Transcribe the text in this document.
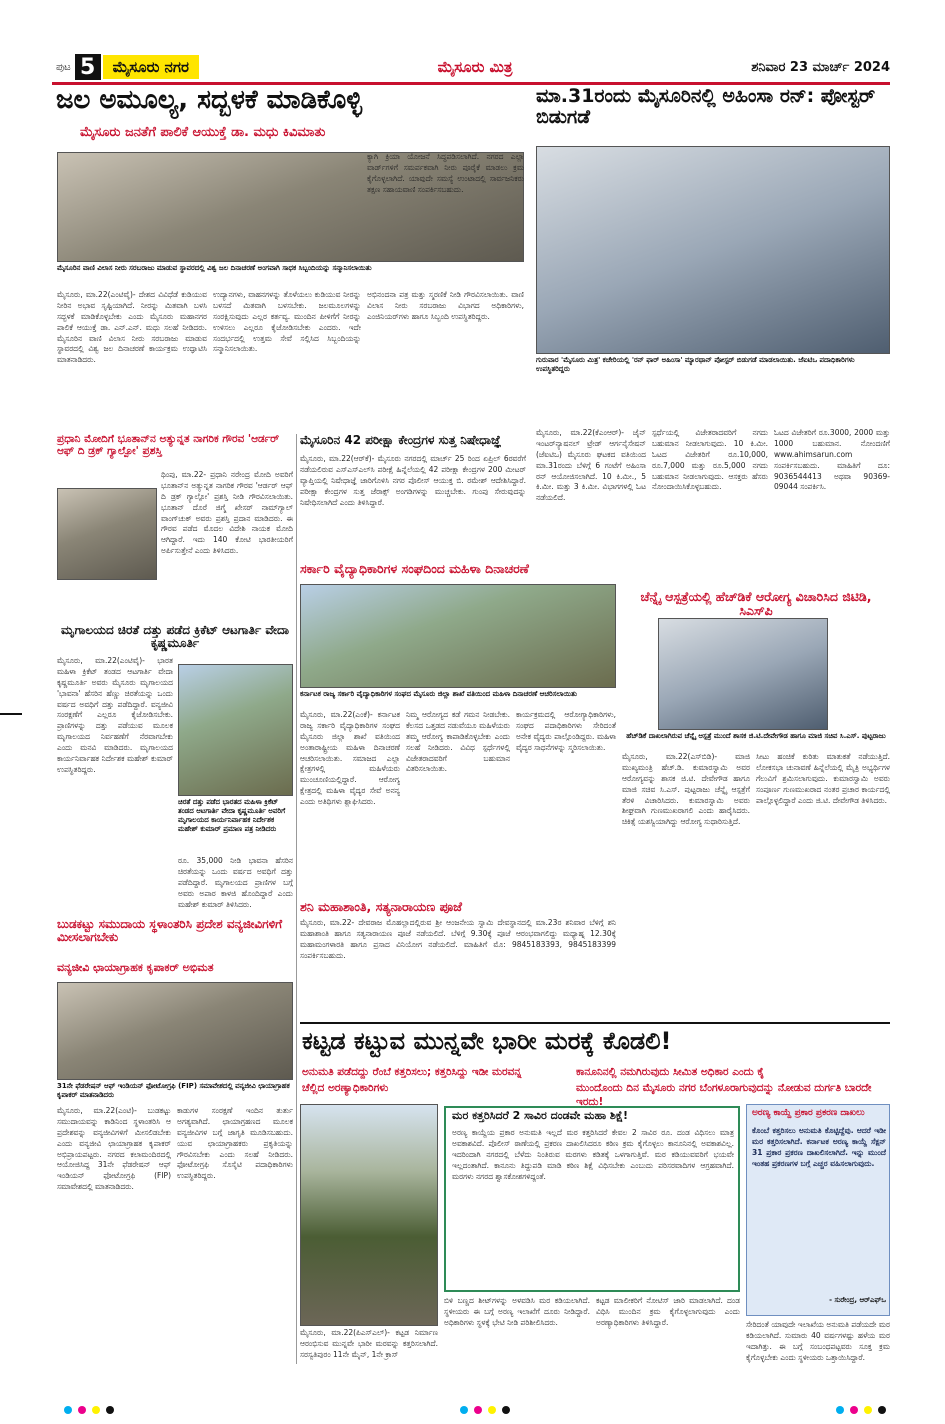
ಪುಟ 5	ಮೈಸೂರು ನಗರ	ಮೈಸೂರು ಮಿತ್ರ	ಶನಿವಾರ 23 ಮಾರ್ಚ್ 2024
ಜಲ ಅಮೂಲ್ಯ, ಸದ್ಬಳಕೆ ಮಾಡಿಕೊಳ್ಳಿ
ಮೈಸೂರು ಜನತೆಗೆ ಪಾಲಿಕೆ ಆಯುಕ್ತೆ ಡಾ. ಮಧು ಕಿವಿಮಾತು
ಮೈಸೂರಿನ ವಾಣಿ ವಿಲಾಸ ನೀರು ಸರಬರಾಜು ಮಾಡುವ ಸ್ಥಾವರದಲ್ಲಿ ವಿಶ್ವ ಜಲ ದಿನಾಚರಣೆ ಅಂಗವಾಗಿ ಸಾಧಕ ಸಿಬ್ಬಂದಿಯನ್ನು ಸನ್ಮಾನಿಸಲಾಯಿತು
ಮೈಸೂರು, ಮಾ.22(ಎಂಟಿವೈ)- ದೇಶದ ವಿವಿಧೆಡೆ ಕುಡಿಯುವ ನೀರಿನ ಅಭಾವ ಸೃಷ್ಟಿಯಾಗಿದೆ. ನೀರನ್ನು ಮಿತವಾಗಿ ಬಳಸಿ ಸದ್ಬಳಕೆ ಮಾಡಿಕೊಳ್ಳಬೇಕು ಎಂದು ಮೈಸೂರು ಮಹಾನಗರ ಪಾಲಿಕೆ ಆಯುಕ್ತೆ ಡಾ. ಎನ್.ಎನ್. ಮಧು ಸಲಹೆ ನೀಡಿದರು. ಮೈಸೂರಿನ ವಾಣಿ ವಿಲಾಸ ನೀರು ಸರಬರಾಜು ಮಾಡುವ ಸ್ಥಾವರದಲ್ಲಿ ವಿಶ್ವ ಜಲ ದಿನಾಚರಣೆ ಕಾರ್ಯಕ್ರಮ ಉದ್ಘಾಟಿಸಿ ಮಾತನಾಡಿದರು.
ಉದ್ಯಾನಗಳು, ವಾಹನಗಳನ್ನು ತೊಳೆಯಲು ಕುಡಿಯುವ ನೀರನ್ನು ಬಳಸದೆ ಮಿತವಾಗಿ ಬಳಸಬೇಕು. ಜಲಮೂಲಗಳನ್ನು ಸಂರಕ್ಷಿಸುವುದು ಎಲ್ಲರ ಕರ್ತವ್ಯ. ಮುಂದಿನ ಪೀಳಿಗೆಗೆ ನೀರನ್ನು ಉಳಿಸಲು ಎಲ್ಲರೂ ಕೈಜೋಡಿಸಬೇಕು ಎಂದರು. ಇದೇ ಸಂದರ್ಭದಲ್ಲಿ ಉತ್ತಮ ಸೇವೆ ಸಲ್ಲಿಸಿದ ಸಿಬ್ಬಂದಿಯನ್ನು ಸನ್ಮಾನಿಸಲಾಯಿತು.
ಕ್ಯಾಗಿ ಕ್ರಿಯಾ ಯೋಜನೆ ಸಿದ್ಧಪಡಿಸಲಾಗಿದೆ. ನಗರದ ಎಲ್ಲಾ ವಾರ್ಡ್‌ಗಳಿಗೆ ಸಮರ್ಪಕವಾಗಿ ನೀರು ಪೂರೈಕೆ ಮಾಡಲು ಕ್ರಮ ಕೈಗೊಳ್ಳಲಾಗಿದೆ. ಯಾವುದೇ ಸಮಸ್ಯೆ ಉಂಟಾದಲ್ಲಿ ಸಾರ್ವಜನಿಕರು ತಕ್ಷಣ ಸಹಾಯವಾಣಿ ಸಂಪರ್ಕಿಸಬಹುದು.
ಅಭಿನಂದನಾ ಪತ್ರ ಮತ್ತು ಸ್ಮರಣಿಕೆ ನೀಡಿ ಗೌರವಿಸಲಾಯಿತು. ವಾಣಿ ವಿಲಾಸ ನೀರು ಸರಬರಾಜು ವಿಭಾಗದ ಅಧಿಕಾರಿಗಳು, ಎಂಜಿನಿಯರ್‌ಗಳು ಹಾಗೂ ಸಿಬ್ಬಂದಿ ಉಪಸ್ಥಿತರಿದ್ದರು.
ಮಾ.31ರಂದು ಮೈಸೂರಿನಲ್ಲಿ ಅಹಿಂಸಾ ರನ್: ಪೋಸ್ಟರ್ ಬಿಡುಗಡೆ
ಗುರುವಾರ 'ಮೈಸೂರು ಮಿತ್ರ' ಕಚೇರಿಯಲ್ಲಿ 'ರನ್ ಫಾರ್ ಅಹಿಂಸಾ' ಮ್ಯಾರಥಾನ್ ಪೋಸ್ಟರ್ ಬಿಡುಗಡೆ ಮಾಡಲಾಯಿತು. ಜೆಐಟಿಒ ಪದಾಧಿಕಾರಿಗಳು ಉಪಸ್ಥಿತರಿದ್ದರು
ಮೈಸೂರು, ಮಾ.22(ಕೆಎಂಆರ್)- ಜೈನ್ ಇಂಟರ್‌ನ್ಯಾಷನಲ್ ಟ್ರೇಡ್ ಆರ್ಗನೈಸೇಷನ್ (ಜೆಐಟಿಒ) ಮೈಸೂರು ಘಟಕದ ವತಿಯಿಂದ ಮಾ.31ರಂದು ಬೆಳಿಗ್ಗೆ 6 ಗಂಟೆಗೆ ಅಹಿಂಸಾ ರನ್ ಆಯೋಜಿಸಲಾಗಿದೆ. 10 ಕಿ.ಮೀ., 5 ಕಿ.ಮೀ. ಮತ್ತು 3 ಕಿ.ಮೀ. ವಿಭಾಗಗಳಲ್ಲಿ ಓಟ ನಡೆಯಲಿದೆ.
ಸ್ಪರ್ಧೆಯಲ್ಲಿ ವಿಜೇತರಾದವರಿಗೆ ನಗದು ಬಹುಮಾನ ನೀಡಲಾಗುವುದು. 10 ಕಿ.ಮೀ. ಓಟದ ವಿಜೇತರಿಗೆ ರೂ.10,000, ರೂ.7,000 ಮತ್ತು ರೂ.5,000 ನಗದು ಬಹುಮಾನ ನೀಡಲಾಗುವುದು. ಆಸಕ್ತರು ಹೆಸರು ನೋಂದಾಯಿಸಿಕೊಳ್ಳಬಹುದು.
ಓಟದ ವಿಜೇತರಿಗೆ ರೂ.3000, 2000 ಮತ್ತು 1000 ಬಹುಮಾನ. ನೋಂದಣಿಗೆ www.ahimsarun.com ಸಂಪರ್ಕಿಸಬಹುದು. ಮಾಹಿತಿಗೆ ದೂ: 9036544413 ಅಥವಾ 90369-09044 ಸಂಪರ್ಕಿಸಿ.
ಪ್ರಧಾನಿ ಮೋದಿಗೆ ಭೂತಾನ್‌ನ ಅತ್ಯುನ್ನತ ನಾಗರಿಕ ಗೌರವ 'ಆರ್ಡರ್ ಆಫ್ ದಿ ಡ್ರಕ್ ಗ್ಯಾಲ್ಪೋ' ಪ್ರಶಸ್ತಿ
ಥಿಂಪು, ಮಾ.22- ಪ್ರಧಾನಿ ನರೇಂದ್ರ ಮೋದಿ ಅವರಿಗೆ ಭೂತಾನ್‌ನ ಅತ್ಯುನ್ನತ ನಾಗರಿಕ ಗೌರವ 'ಆರ್ಡರ್ ಆಫ್ ದಿ ಡ್ರಕ್ ಗ್ಯಾಲ್ಪೋ' ಪ್ರಶಸ್ತಿ ನೀಡಿ ಗೌರವಿಸಲಾಯಿತು. ಭೂತಾನ್ ದೊರೆ ಜಿಗ್ಮೆ ಖೇಸರ್ ನಾಮ್‌ಗ್ಯಾಲ್ ವಾಂಗ್‌ಚುಕ್ ಅವರು ಪ್ರಶಸ್ತಿ ಪ್ರದಾನ ಮಾಡಿದರು. ಈ ಗೌರವ ಪಡೆದ ಮೊದಲ ವಿದೇಶಿ ನಾಯಕ ಮೋದಿ ಆಗಿದ್ದಾರೆ. ಇದು 140 ಕೋಟಿ ಭಾರತೀಯರಿಗೆ ಅರ್ಪಿಸುತ್ತೇನೆ ಎಂದು ತಿಳಿಸಿದರು.
ಮೈಸೂರಿನ 42 ಪರೀಕ್ಷಾ ಕೇಂದ್ರಗಳ ಸುತ್ತ ನಿಷೇಧಾಜ್ಞೆ
ಮೈಸೂರು, ಮಾ.22(ಆರ್‌ಕೆ)- ಮೈಸೂರು ನಗರದಲ್ಲಿ ಮಾರ್ಚ್ 25 ರಿಂದ ಏಪ್ರಿಲ್ 6ರವರೆಗೆ ನಡೆಯಲಿರುವ ಎಸ್‌ಎಸ್‌ಎಲ್‌ಸಿ ಪರೀಕ್ಷೆ ಹಿನ್ನೆಲೆಯಲ್ಲಿ 42 ಪರೀಕ್ಷಾ ಕೇಂದ್ರಗಳ 200 ಮೀಟರ್ ವ್ಯಾಪ್ತಿಯಲ್ಲಿ ನಿಷೇಧಾಜ್ಞೆ ಜಾರಿಗೊಳಿಸಿ ನಗರ ಪೊಲೀಸ್ ಆಯುಕ್ತ ಬಿ. ರಮೇಶ್ ಆದೇಶಿಸಿದ್ದಾರೆ. ಪರೀಕ್ಷಾ ಕೇಂದ್ರಗಳ ಸುತ್ತ ಜೆರಾಕ್ಸ್ ಅಂಗಡಿಗಳನ್ನು ಮುಚ್ಚಬೇಕು. ಗುಂಪು ಸೇರುವುದನ್ನು ನಿಷೇಧಿಸಲಾಗಿದೆ ಎಂದು ತಿಳಿಸಿದ್ದಾರೆ.
ಮೃಗಾಲಯದ ಚಿರತೆ ದತ್ತು ಪಡೆದ ಕ್ರಿಕೆಟ್ ಆಟಗಾರ್ತಿ ವೇದಾ ಕೃಷ್ಣಮೂರ್ತಿ
ಮೈಸೂರು, ಮಾ.22(ಎಂಟಿವೈ)- ಭಾರತ ಮಹಿಳಾ ಕ್ರಿಕೆಟ್ ತಂಡದ ಆಟಗಾರ್ತಿ ವೇದಾ ಕೃಷ್ಣಮೂರ್ತಿ ಅವರು ಮೈಸೂರು ಮೃಗಾಲಯದ 'ಭಾವನಾ' ಹೆಸರಿನ ಹೆಣ್ಣು ಚಿರತೆಯನ್ನು ಒಂದು ವರ್ಷದ ಅವಧಿಗೆ ದತ್ತು ಪಡೆದಿದ್ದಾರೆ. ವನ್ಯಜೀವಿ ಸಂರಕ್ಷಣೆಗೆ ಎಲ್ಲರೂ ಕೈಜೋಡಿಸಬೇಕು. ಪ್ರಾಣಿಗಳನ್ನು ದತ್ತು ಪಡೆಯುವ ಮೂಲಕ ಮೃಗಾಲಯದ ನಿರ್ವಹಣೆಗೆ ನೆರವಾಗಬೇಕು ಎಂದು ಮನವಿ ಮಾಡಿದರು. ಮೃಗಾಲಯದ ಕಾರ್ಯನಿರ್ವಾಹಕ ನಿರ್ದೇಶಕ ಮಹೇಶ್ ಕುಮಾರ್ ಉಪಸ್ಥಿತರಿದ್ದರು.
ಚಿರತೆ ದತ್ತು ಪಡೆದ ಭಾರತದ ಮಹಿಳಾ ಕ್ರಿಕೆಟ್ ತಂಡದ ಆಟಗಾರ್ತಿ ವೇದಾ ಕೃಷ್ಣಮೂರ್ತಿ ಅವರಿಗೆ ಮೃಗಾಲಯದ ಕಾರ್ಯನಿರ್ವಾಹಕ ನಿರ್ದೇಶಕ ಮಹೇಶ್ ಕುಮಾರ್ ಪ್ರಮಾಣ ಪತ್ರ ನೀಡಿದರು
ರೂ. 35,000 ನೀಡಿ ಭಾವನಾ ಹೆಸರಿನ ಚಿರತೆಯನ್ನು ಒಂದು ವರ್ಷದ ಅವಧಿಗೆ ದತ್ತು ಪಡೆದಿದ್ದಾರೆ. ಮೃಗಾಲಯದ ಪ್ರಾಣಿಗಳ ಬಗ್ಗೆ ಅವರು ಅಪಾರ ಕಾಳಜಿ ಹೊಂದಿದ್ದಾರೆ ಎಂದು ಮಹೇಶ್ ಕುಮಾರ್ ತಿಳಿಸಿದರು.
ಬುಡಕಟ್ಟು ಸಮುದಾಯ ಸ್ಥಳಾಂತರಿಸಿ ಪ್ರದೇಶ ವನ್ಯಜೀವಿಗಳಿಗೆ ಮೀಸಲಾಗಬೇಕು
ವನ್ಯಜೀವಿ ಛಾಯಾಗ್ರಾಹಕ ಕೃಪಾಕರ್ ಅಭಿಮತ
31ನೇ ಫೆಡರೇಷನ್ ಆಫ್ ಇಂಡಿಯನ್ ಫೋಟೋಗ್ರಫಿ (FIP) ಸಮಾವೇಶದಲ್ಲಿ ವನ್ಯಜೀವಿ ಛಾಯಾಗ್ರಾಹಕ ಕೃಪಾಕರ್ ಮಾತನಾಡಿದರು
ಮೈಸೂರು, ಮಾ.22(ಎಂಟಿ)- ಬುಡಕಟ್ಟು ಸಮುದಾಯವನ್ನು ಕಾಡಿನಿಂದ ಸ್ಥಳಾಂತರಿಸಿ ಆ ಪ್ರದೇಶವನ್ನು ವನ್ಯಜೀವಿಗಳಿಗೆ ಮೀಸಲಿಡಬೇಕು ಎಂದು ವನ್ಯಜೀವಿ ಛಾಯಾಗ್ರಾಹಕ ಕೃಪಾಕರ್ ಅಭಿಪ್ರಾಯಪಟ್ಟರು. ನಗರದ ಕಲಾಮಂದಿರದಲ್ಲಿ ಆಯೋಜಿಸಿದ್ದ 31ನೇ ಫೆಡರೇಷನ್ ಆಫ್ ಇಂಡಿಯನ್ ಫೋಟೋಗ್ರಫಿ (FIP) ಸಮಾವೇಶದಲ್ಲಿ ಮಾತನಾಡಿದರು.
ಕಾಡುಗಳ ಸಂರಕ್ಷಣೆ ಇಂದಿನ ತುರ್ತು ಅಗತ್ಯವಾಗಿದೆ. ಛಾಯಾಗ್ರಹಣದ ಮೂಲಕ ವನ್ಯಜೀವಿಗಳ ಬಗ್ಗೆ ಜಾಗೃತಿ ಮೂಡಿಸಬಹುದು. ಯುವ ಛಾಯಾಗ್ರಾಹಕರು ಪ್ರಕೃತಿಯನ್ನು ಗೌರವಿಸಬೇಕು ಎಂದು ಸಲಹೆ ನೀಡಿದರು. ಫೋಟೋಗ್ರಫಿ ಸೊಸೈಟಿ ಪದಾಧಿಕಾರಿಗಳು ಉಪಸ್ಥಿತರಿದ್ದರು.
ಸರ್ಕಾರಿ ವೈದ್ಯಾಧಿಕಾರಿಗಳ ಸಂಘದಿಂದ ಮಹಿಳಾ ದಿನಾಚರಣೆ
ಕರ್ನಾಟಕ ರಾಜ್ಯ ಸರ್ಕಾರಿ ವೈದ್ಯಾಧಿಕಾರಿಗಳ ಸಂಘದ ಮೈಸೂರು ಜಿಲ್ಲಾ ಶಾಖೆ ವತಿಯಿಂದ ಮಹಿಳಾ ದಿನಾಚರಣೆ ಆಚರಿಸಲಾಯಿತು
ಮೈಸೂರು, ಮಾ.22(ಎಂಕೆ)- ಕರ್ನಾಟಕ ರಾಜ್ಯ ಸರ್ಕಾರಿ ವೈದ್ಯಾಧಿಕಾರಿಗಳ ಸಂಘದ ಮೈಸೂರು ಜಿಲ್ಲಾ ಶಾಖೆ ವತಿಯಿಂದ ಅಂತಾರಾಷ್ಟ್ರೀಯ ಮಹಿಳಾ ದಿನಾಚರಣೆ ಆಚರಿಸಲಾಯಿತು. ಸಮಾಜದ ಎಲ್ಲಾ ಕ್ಷೇತ್ರಗಳಲ್ಲಿ ಮಹಿಳೆಯರು ಮುಂಚೂಣಿಯಲ್ಲಿದ್ದಾರೆ. ಆರೋಗ್ಯ ಕ್ಷೇತ್ರದಲ್ಲಿ ಮಹಿಳಾ ವೈದ್ಯರ ಸೇವೆ ಅನನ್ಯ ಎಂದು ಅತಿಥಿಗಳು ಶ್ಲಾಘಿಸಿದರು.
ನಿಮ್ಮ ಆರೋಗ್ಯದ ಕಡೆ ಗಮನ ನೀಡಬೇಕು. ಕೆಲಸದ ಒತ್ತಡದ ನಡುವೆಯೂ ಮಹಿಳೆಯರು ತಮ್ಮ ಆರೋಗ್ಯ ಕಾಪಾಡಿಕೊಳ್ಳಬೇಕು ಎಂದು ಸಲಹೆ ನೀಡಿದರು. ವಿವಿಧ ಸ್ಪರ್ಧೆಗಳಲ್ಲಿ ವಿಜೇತರಾದವರಿಗೆ ಬಹುಮಾನ ವಿತರಿಸಲಾಯಿತು.
ಕಾರ್ಯಕ್ರಮದಲ್ಲಿ ಆರೋಗ್ಯಾಧಿಕಾರಿಗಳು, ಸಂಘದ ಪದಾಧಿಕಾರಿಗಳು ಸೇರಿದಂತೆ ಅನೇಕ ವೈದ್ಯರು ಪಾಲ್ಗೊಂಡಿದ್ದರು. ಮಹಿಳಾ ವೈದ್ಯರ ಸಾಧನೆಗಳನ್ನು ಸ್ಮರಿಸಲಾಯಿತು.
ಚೆನ್ನೈ ಆಸ್ಪತ್ರೆಯಲ್ಲಿ ಹೆಚ್‌ಡಿಕೆ ಆರೋಗ್ಯ ವಿಚಾರಿಸಿದ ಜಿಟಿಡಿ, ಸಿಎಸ್‌ಪಿ
ಹೆಚ್‌ಡಿಕೆ ದಾಖಲಾಗಿರುವ ಚೆನ್ನೈ ಆಸ್ಪತ್ರೆ ಮುಂದೆ ಶಾಸಕ ಜಿ.ಟಿ.ದೇವೇಗೌಡ ಹಾಗೂ ಮಾಜಿ ಸಚಿವ ಸಿ.ಎಸ್. ಪುಟ್ಟರಾಜು
ಮೈಸೂರು, ಮಾ.22(ಎಸ್‌ಬಿಡಿ)- ಮಾಜಿ ಮುಖ್ಯಮಂತ್ರಿ ಹೆಚ್.ಡಿ. ಕುಮಾರಸ್ವಾಮಿ ಅವರ ಆರೋಗ್ಯವನ್ನು ಶಾಸಕ ಜಿ.ಟಿ. ದೇವೇಗೌಡ ಹಾಗೂ ಮಾಜಿ ಸಚಿವ ಸಿ.ಎಸ್. ಪುಟ್ಟರಾಜು ಚೆನ್ನೈ ಆಸ್ಪತ್ರೆಗೆ ತೆರಳಿ ವಿಚಾರಿಸಿದರು. ಕುಮಾರಸ್ವಾಮಿ ಅವರು ಶೀಘ್ರವಾಗಿ ಗುಣಮುಖರಾಗಲಿ ಎಂದು ಹಾರೈಸಿದರು. ಚಿಕಿತ್ಸೆ ಯಶಸ್ವಿಯಾಗಿದ್ದು ಆರೋಗ್ಯ ಸುಧಾರಿಸುತ್ತಿದೆ.
ಸೀಟು ಹಂಚಿಕೆ ಕುರಿತು ಮಾತುಕತೆ ನಡೆಯುತ್ತಿದೆ. ಲೋಕಸಭಾ ಚುನಾವಣೆ ಹಿನ್ನೆಲೆಯಲ್ಲಿ ಮೈತ್ರಿ ಅಭ್ಯರ್ಥಿಗಳ ಗೆಲುವಿಗೆ ಶ್ರಮಿಸಲಾಗುವುದು. ಕುಮಾರಸ್ವಾಮಿ ಅವರು ಸಂಪೂರ್ಣ ಗುಣಮುಖರಾದ ನಂತರ ಪ್ರಚಾರ ಕಾರ್ಯದಲ್ಲಿ ಪಾಲ್ಗೊಳ್ಳಲಿದ್ದಾರೆ ಎಂದು ಜಿ.ಟಿ. ದೇವೇಗೌಡ ತಿಳಿಸಿದರು.
ಶನಿ ಮಹಾಶಾಂತಿ, ಸತ್ಯನಾರಾಯಣ ಪೂಜೆ
ಮೈಸೂರು, ಮಾ.22- ದೇವರಾಜ ಮೊಹಲ್ಲಾದಲ್ಲಿರುವ ಶ್ರೀ ಆಂಜನೇಯ ಸ್ವಾಮಿ ದೇವಸ್ಥಾನದಲ್ಲಿ ಮಾ.23ರ ಶನಿವಾರ ಬೆಳಿಗ್ಗೆ ಶನಿ ಮಹಾಶಾಂತಿ ಹಾಗೂ ಸತ್ಯನಾರಾಯಣ ಪೂಜೆ ನಡೆಯಲಿದೆ. ಬೆಳಿಗ್ಗೆ 9.30ಕ್ಕೆ ಪೂಜೆ ಆರಂಭವಾಗಲಿದ್ದು ಮಧ್ಯಾಹ್ನ 12.30ಕ್ಕೆ ಮಹಾಮಂಗಳಾರತಿ ಹಾಗೂ ಪ್ರಸಾದ ವಿನಿಯೋಗ ನಡೆಯಲಿದೆ. ಮಾಹಿತಿಗೆ ಮೊ: 9845183393, 9845183399 ಸಂಪರ್ಕಿಸಬಹುದು.
ಕಟ್ಟಡ ಕಟ್ಟುವ ಮುನ್ನವೇ ಭಾರೀ ಮರಕ್ಕೆ ಕೊಡಲಿ!
ಅನುಮತಿ ಪಡೆದದ್ದು ರೆಂಬೆ ಕತ್ತರಿಸಲು; ಕತ್ತರಿಸಿದ್ದು ಇಡೀ ಮರವನ್ನ	ಕಾನೂನಿನಲ್ಲಿ ನಮಗಿರುವುದು ಸೀಮಿತ ಅಧಿಕಾರ ಎಂದು ಕೈ
ಚೆಲ್ಲಿದ ಅರಣ್ಯಾಧಿಕಾರಿಗಳು	ಮುಂದೊಂದು ದಿನ ಮೈಸೂರು ನಗರ ಬೆಂಗಳೂರಾಗುವುದನ್ನು ನೋಡುವ ದುರ್ಗತಿ ಬಾರದೇ ಇರದು!
ಮೈಸೂರು, ಮಾ.22(ಪಿಎಸ್‌ಎಲ್)- ಕಟ್ಟಡ ನಿರ್ಮಾಣ ಆರಂಭಿಸುವ ಮುನ್ನವೇ ಭಾರೀ ಮರವನ್ನು ಕತ್ತರಿಸಲಾಗಿದೆ. ಸರಸ್ವತಿಪುರಂ 11ನೇ ಮೈನ್, 1ನೇ ಕ್ರಾಸ್
ಮರ ಕತ್ತರಿಸಿದರೆ 2 ಸಾವಿರ ದಂಡವೇ ಮಹಾ ಶಿಕ್ಷೆ!
ಅರಣ್ಯ ಕಾಯ್ದೆಯ ಪ್ರಕಾರ ಅನುಮತಿ ಇಲ್ಲದೆ ಮರ ಕತ್ತರಿಸಿದರೆ ಕೇವಲ 2 ಸಾವಿರ ರೂ. ದಂಡ ವಿಧಿಸಲು ಮಾತ್ರ ಅವಕಾಶವಿದೆ. ಪೊಲೀಸ್ ಠಾಣೆಯಲ್ಲಿ ಪ್ರಕರಣ ದಾಖಲಿಸಿದರೂ ಕಠಿಣ ಕ್ರಮ ಕೈಗೊಳ್ಳಲು ಕಾನೂನಿನಲ್ಲಿ ಅವಕಾಶವಿಲ್ಲ. ಇದರಿಂದಾಗಿ ನಗರದಲ್ಲಿ ಬೆಳೆದು ನಿಂತಿರುವ ಮರಗಳು ಕಡಿತಕ್ಕೆ ಒಳಗಾಗುತ್ತಿವೆ. ಮರ ಕಡಿಯುವವರಿಗೆ ಭಯವೇ ಇಲ್ಲದಂತಾಗಿದೆ. ಕಾನೂನು ತಿದ್ದುಪಡಿ ಮಾಡಿ ಕಠಿಣ ಶಿಕ್ಷೆ ವಿಧಿಸಬೇಕು ಎಂಬುದು ಪರಿಸರವಾದಿಗಳ ಆಗ್ರಹವಾಗಿದೆ. ಮರಗಳು ನಗರದ ಶ್ವಾಸಕೋಶಗಳಿದ್ದಂತೆ.
ಬಿಳಿ ಬಣ್ಣದ ಶೀಟ್‌ಗಳನ್ನು ಅಳವಡಿಸಿ ಮರ ಕಡಿಯಲಾಗಿದೆ. ಸ್ಥಳೀಯರು ಈ ಬಗ್ಗೆ ಅರಣ್ಯ ಇಲಾಖೆಗೆ ದೂರು ನೀಡಿದ್ದಾರೆ. ಅಧಿಕಾರಿಗಳು ಸ್ಥಳಕ್ಕೆ ಭೇಟಿ ನೀಡಿ ಪರಿಶೀಲಿಸಿದರು.
ಕಟ್ಟಡ ಮಾಲೀಕರಿಗೆ ನೋಟಿಸ್ ಜಾರಿ ಮಾಡಲಾಗಿದೆ. ದಂಡ ವಿಧಿಸಿ ಮುಂದಿನ ಕ್ರಮ ಕೈಗೊಳ್ಳಲಾಗುವುದು ಎಂದು ಅರಣ್ಯಾಧಿಕಾರಿಗಳು ತಿಳಿಸಿದ್ದಾರೆ.
ಅರಣ್ಯ ಕಾಯ್ದೆ ಪ್ರಕಾರ ಪ್ರಕರಣ ದಾಖಲು
ಕೊಂಬೆ ಕತ್ತರಿಸಲು ಅನುಮತಿ ಕೊಟ್ಟಿದ್ದೆವು. ಆದರೆ ಇಡೀ ಮರ ಕತ್ತರಿಸಲಾಗಿದೆ. ಕರ್ನಾಟಕ ಅರಣ್ಯ ಕಾಯ್ದೆ ಸೆಕ್ಷನ್ 31 ಪ್ರಕಾರ ಪ್ರಕರಣ ದಾಖಲಿಸಲಾಗಿದೆ. ಇನ್ನು ಮುಂದೆ ಇಂತಹ ಪ್ರಕರಣಗಳ ಬಗ್ಗೆ ಎಚ್ಚರ ವಹಿಸಲಾಗುವುದು.
- ಸುರೇಂದ್ರ, ಆರ್‌ಎಫ್‌ಒ
ಸೇರಿದಂತೆ ಯಾವುದೇ ಇಲಾಖೆಯ ಅನುಮತಿ ಪಡೆಯದೇ ಮರ ಕಡಿಯಲಾಗಿದೆ. ಸುಮಾರು 40 ವರ್ಷಗಳಷ್ಟು ಹಳೆಯ ಮರ ಇದಾಗಿತ್ತು. ಈ ಬಗ್ಗೆ ಸಂಬಂಧಪಟ್ಟವರು ಸೂಕ್ತ ಕ್ರಮ ಕೈಗೊಳ್ಳಬೇಕು ಎಂದು ಸ್ಥಳೀಯರು ಒತ್ತಾಯಿಸಿದ್ದಾರೆ.
